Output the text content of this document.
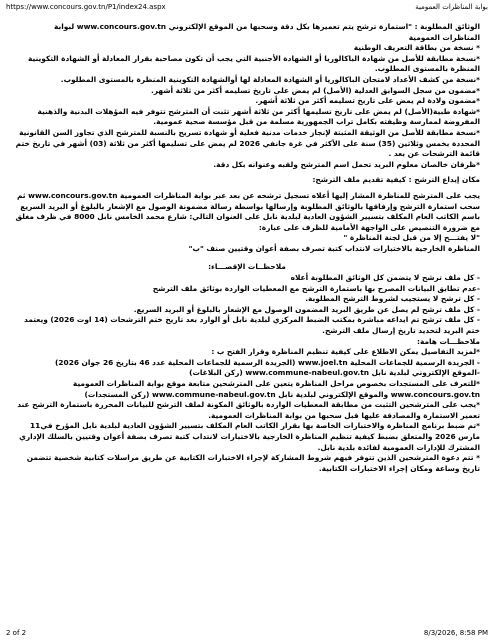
https://www.concours.gov.tn/P1/index24.aspx	بوابة المناظرات العمومية

الوثائق المطلوبة : "استمارة ترشح يتم تعميرها بكل دقة وسحبها من الموقع الإلكتروني www.concours.gov.tn لبوابة المناظرات العمومية

* نسخة من بطاقة التعريف الوطنية

*نسخة مطابقة للأصل من شهادة الباكالوريا أو الشهادة الأجنبية التي يجب أن تكون مصاحبة بقرار المعادلة أو الشهادة التكوينية المنظرة بالمستوى المطلوب.

*نسخة من كشف الأعداد لامتحان الباكالوريا أو الشهادة المعادلة لها أوالشهادة التكوينية المنظرة بالمستوى المطلوب.

*مضمون من سجل السوابق العدلية (الأصل) لم يمض على تاريخ تسليمه أكثر من ثلاثة أشهر.

*مضمون ولادة لم يمض على تاريخ تسليمه أكثر من ثلاثة أشهر.

*شهادة طبية(الأصل) لم يمض على تاريخ تسليمها أكثر من ثلاثة أشهر تثبت أن المترشح تتوفر فيه المؤهلات البدنية والذهنية المفروضة لممارسة وظيفته بكامل تراب الجمهورية مسلمة من قبل مؤسسة صحية عمومية.

*نسخة مطابقة للأصل من الوثيقة المثبتة لإنجاز خدمات مدنية فعلية أو شهادة تسريح بالنسبة للمترشح الذي تجاوز السن القانونية المحددة بخمس وثلاثين (35) سنة على الأكثر في غرة جانفي 2026 لم يمض على تسليمها أكثر من ثلاثة (03) أشهر في تاريخ ختم قائمة الترشحات عن بعد .

*ظرفان خالصان معلوم البريد تحمل اسم المترشح ولقبه وعنوانه بكل دقة.

مكان إيداع الترشح : كيفية تقديم ملف الترشح:

يجب على المترشح للمناظرة المشار إليها أعلاه تسجيل ترشحه عن بعد عبر بوابة المناظرات العمومية www.concours.gov.tn ثم سحب استمارة الترشح وإرفاقها بالوثائق المطلوبة وإرسالها بواسطة رسالة مضمونة الوصول مع الإشعار بالبلوغ أو البريد السريع باسم الكاتب العام المكلف بتسيير الشؤون العادية لبلدية نابل على العنوان التالي: شارع محمد الخامس نابل 8000 في ظرف مغلق مع ضرورة التنصيص على الواجهة الأمامية للظرف على عبارة:

"لا يفتـــح إلا من قبل لجنة المناظرة "

المناظرة الخارجية بالاختبارات لانتداب كتبة تصرف بصفة أعوان وقتيين صنف "ب"

ملاحظــات الإقصـــاء:

- كل ملف ترشح لا يتضمن كل الوثائق المطلوبة أعلاه

-عدم تطابق البيانات المصرح بها باستمارة الترشح مع المعطيات الواردة بوثائق ملف الترشح

- كل ترشح لا يستجيب لشروط الترشح المطلوبة.

- كل ملف ترشح لم يصل عن طريق البريد المضمون الوصول مع الإشعار بالبلوغ أو البريد السريع.

- كل ملف ترشح تم ايداعه مباشرة بمكتب الضبط المركزي لبلدية نابل أو الوارد بعد تاريخ ختم الترشحات (14 اوت 2026) ويعتمد ختم البريد لتحديد تاريخ إرسال ملف الترشح.

ملاحظـــات هامة:

*لمزيد التفاصيل يمكن الاطلاع على كيفية تنظيم المناظرة وقرار الفتح ب :

- الجريدة الرسمية للجماعات المحلية www.joel.tn (الجريدة الرسمية للجماعات المحلية عدد 46 بتاريخ 26 جوان 2026)

-الموقع الإلكتروني لبلدية نابل www.commune-nabeul.gov.tn (ركن البلاغات)

*للتعرف على المستجدات بخصوص مراحل المناظرة يتعين على المترشحين متابعة موقع بوابة المناظرات العمومية www.concours.gov.tn والموقع الإلكتروني لبلدية نابل www.commune-nabeul.gov.tn (ركن المستجدات)

*يجب على المترشحين التثبت من مطابقة المعطيات الواردة بالوثائق المكونة لملف الترشح للبيانات المحررة باستمارة الترشح عند تعمير الاستمارة والمصادقة عليها قبل سحبها من بوابة المناظرات العمومية.

*تم ضبط برنامج المناظرة والاختبارات الخاصة بها بقرار الكاتب العام المكلف بتسيير الشؤون العادية لبلدية نابل المؤرخ في11 مارس 2026 والمتعلق بضبط كيفية تنظيم المناظرة الخارجية بالاختبارات لانتداب كتبة تصرف بصفة أعوان وقتيين بالسلك الإداري المشترك للإدارات العمومية لفائدة بلدية نابل.

* تتم دعوة المترشحين الذين تتوفر فيهم شروط المشاركة لإجراء الاختبارات الكتابية عن طريق مراسلات كتابية شخصية تتضمن تاريخ وساعة ومكان إجراء الاختبارات الكتابية.

2 of 2	8/3/2026, 8:58 PM
